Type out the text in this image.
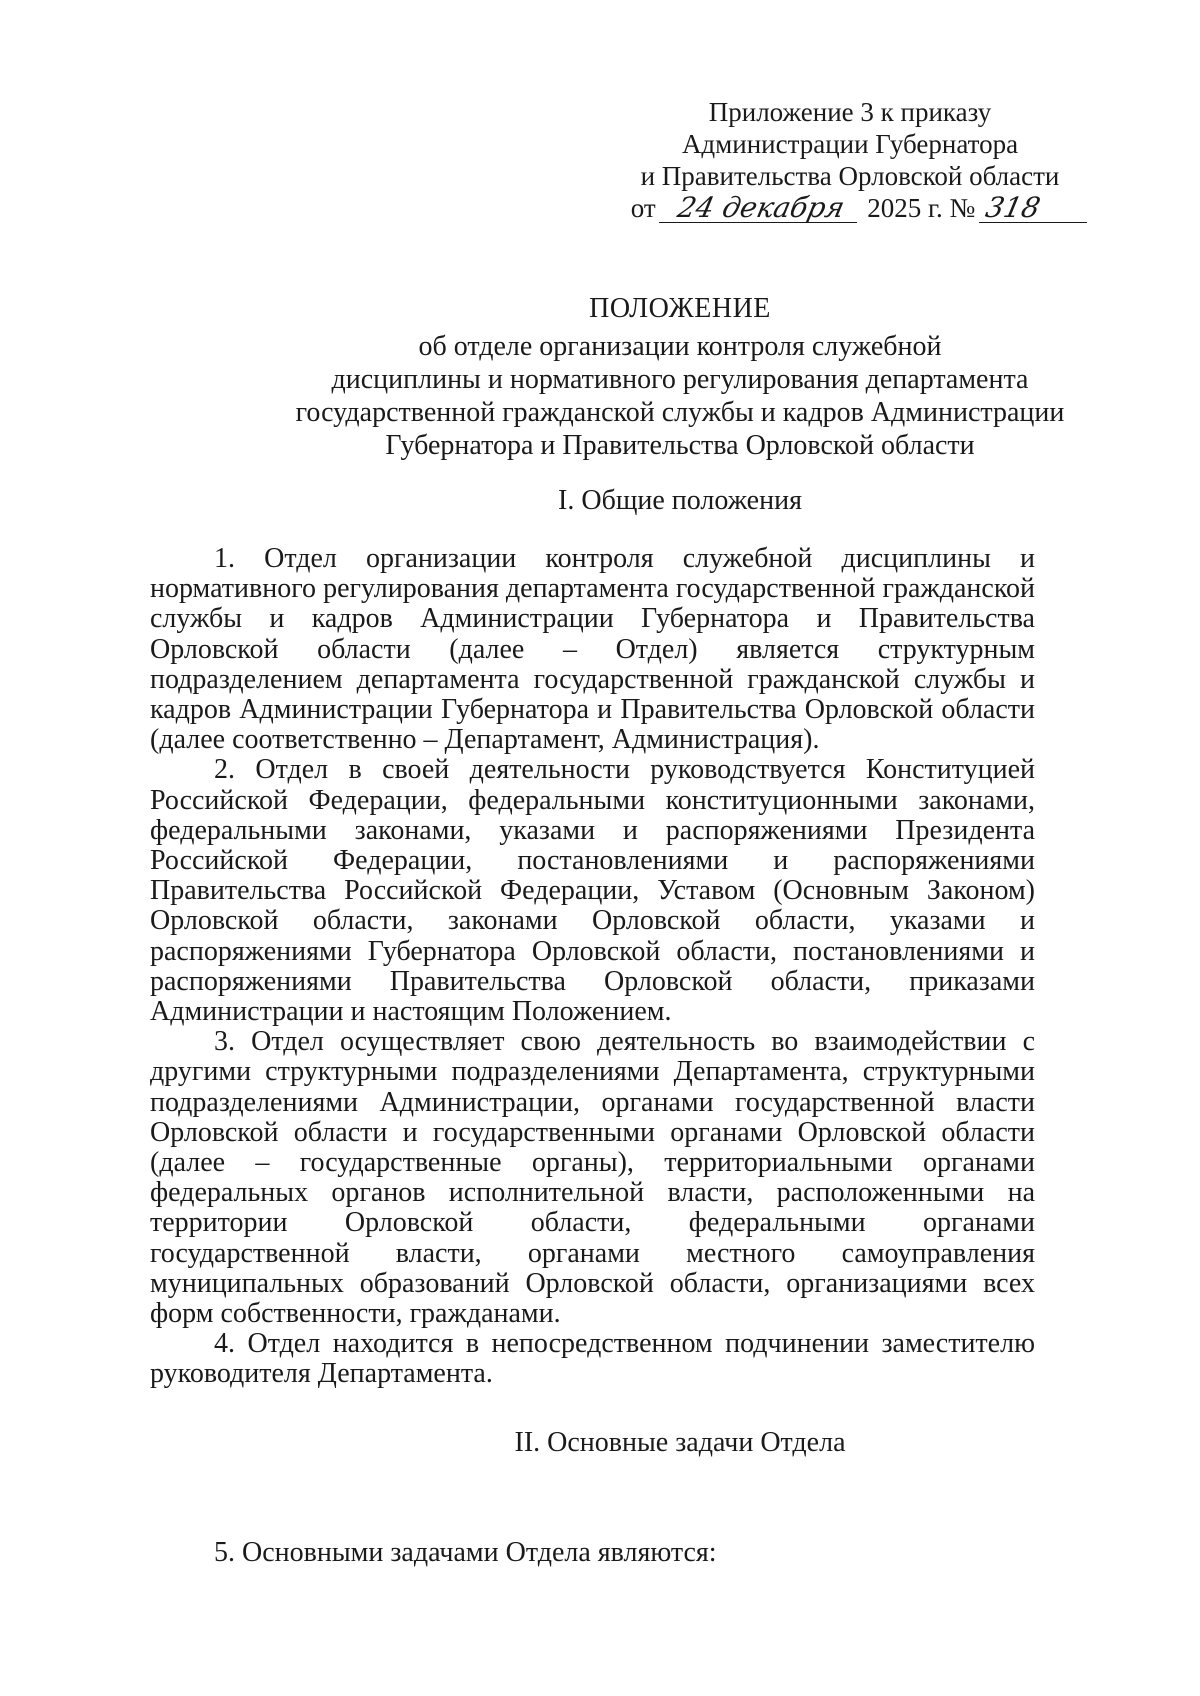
Приложение 3 к приказу
Администрации Губернатора
и Правительства Орловской области
от 24 декабря 2025 г. № 318
ПОЛОЖЕНИЕ
об отделе организации контроля служебной
дисциплины и нормативного регулирования департамента
государственной гражданской службы и кадров Администрации
Губернатора и Правительства Орловской области
I. Общие положения

1. Отдел организации контроля служебной дисциплины и нормативного регулирования департамента государственной гражданской службы и кадров Администрации Губернатора и Правительства Орловской области (далее – Отдел) является структурным подразделением департамента государственной гражданской службы и кадров Администрации Губернатора и Правительства Орловской области (далее соответственно – Департамент, Администрация).

2. Отдел в своей деятельности руководствуется Конституцией Российской Федерации, федеральными конституционными законами, федеральными законами, указами и распоряжениями Президента Российской Федерации, постановлениями и распоряжениями Правительства Российской Федерации, Уставом (Основным Законом) Орловской области, законами Орловской области, указами и распоряжениями Губернатора Орловской области, постановлениями и распоряжениями Правительства Орловской области, приказами Администрации и настоящим Положением.

3. Отдел осуществляет свою деятельность во взаимодействии с другими структурными подразделениями Департамента, структурными подразделениями Администрации, органами государственной власти Орловской области и государственными органами Орловской области (далее – государственные органы), территориальными органами федеральных органов исполнительной власти, расположенными на территории Орловской области, федеральными органами государственной власти, органами местного самоуправления муниципальных образований Орловской области, организациями всех форм собственности, гражданами.

4. Отдел находится в непосредственном подчинении заместителю руководителя Департамента.

II. Основные задачи Отдела
5. Основными задачами Отдела являются:
